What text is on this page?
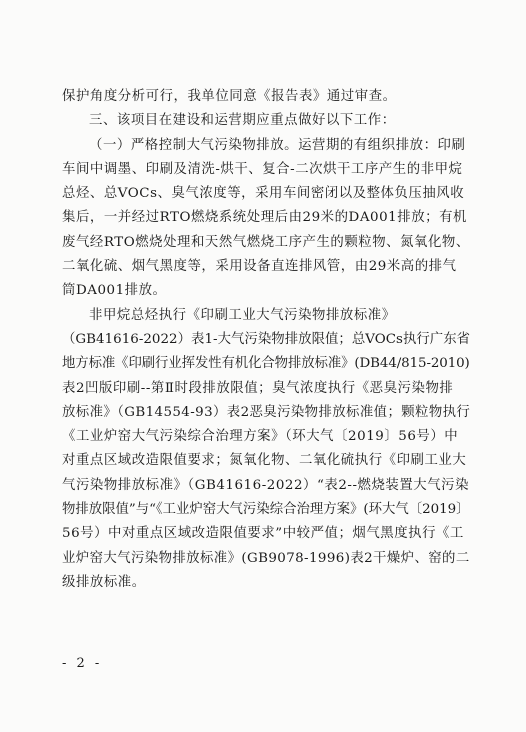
保护角度分析可行，我单位同意《报告表》通过审查。
三、该项目在建设和运营期应重点做好以下工作：
（一）严格控制大气污染物排放。运营期的有组织排放：印刷
车间中调墨、印刷及清洗-烘干、复合-二次烘干工序产生的非甲烷
总烃、总VOCs、臭气浓度等，采用车间密闭以及整体负压抽风收
集后，一并经过RTO燃烧系统处理后由29米的DA001排放；有机
废气经RTO燃烧处理和天然气燃烧工序产生的颗粒物、氮氧化物、
二氧化硫、烟气黑度等，采用设备直连排风管，由29米高的排气
筒DA001排放。
非甲烷总烃执行《印刷工业大气污染物排放标准》
（GB41616-2022）表1-大气污染物排放限值；总VOCs执行广东省
地方标准《印刷行业挥发性有机化合物排放标准》(DB44/815-2010)
表2凹版印刷--第Ⅱ时段排放限值；臭气浓度执行《恶臭污染物排
放标准》（GB14554-93）表2恶臭污染物排放标准值；颗粒物执行
《工业炉窑大气污染综合治理方案》（环大气〔2019〕56号）中
对重点区域改造限值要求；氮氧化物、二氧化硫执行《印刷工业大
气污染物排放标准》（GB41616-2022）“表2--燃烧装置大气污染
物排放限值”与“《工业炉窑大气污染综合治理方案》(环大气〔2019〕
56号）中对重点区域改造限值要求”中较严值；烟气黑度执行《工
业炉窑大气污染物排放标准》(GB9078-1996)表2干燥炉、窑的二
级排放标准。
- 2 -
